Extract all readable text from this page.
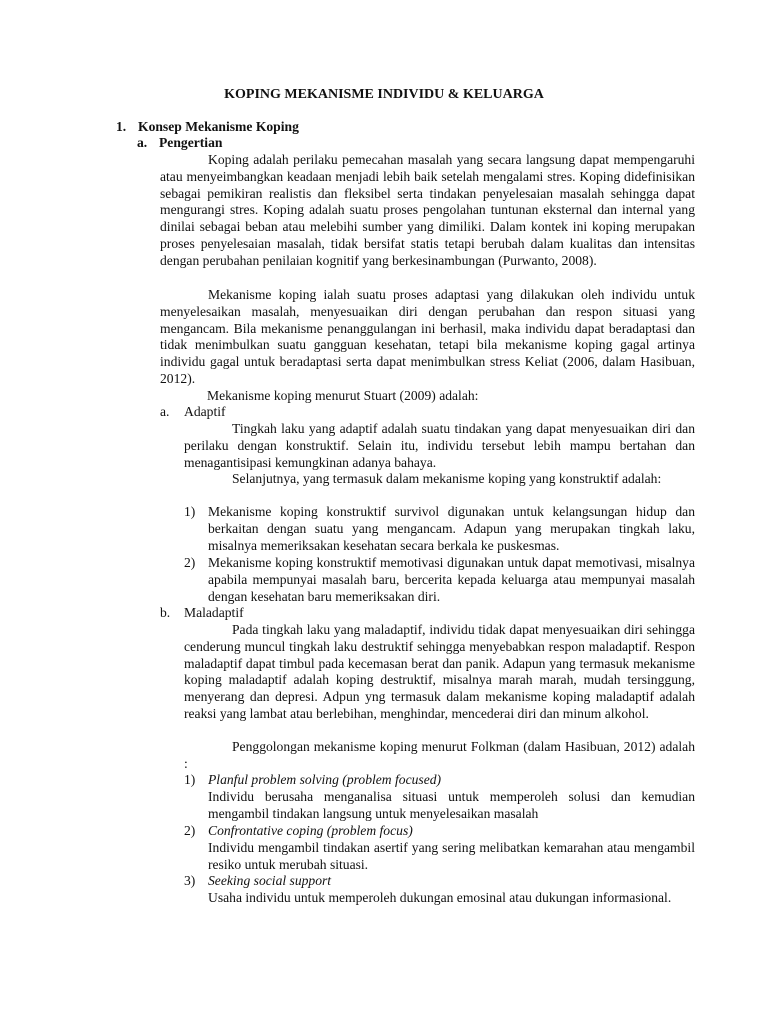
KOPING MEKANISME INDIVIDU & KELUARGA
1. Konsep Mekanisme Koping
a. Pengertian

Koping adalah perilaku pemecahan masalah yang secara langsung dapat mempengaruhi atau menyeimbangkan keadaan menjadi lebih baik setelah mengalami stres. Koping didefinisikan sebagai pemikiran realistis dan fleksibel serta tindakan penyelesaian masalah sehingga dapat mengurangi stres. Koping adalah suatu proses pengolahan tuntunan eksternal dan internal yang dinilai sebagai beban atau melebihi sumber yang dimiliki. Dalam kontek ini koping merupakan proses penyelesaian masalah, tidak bersifat statis tetapi berubah dalam kualitas dan intensitas dengan perubahan penilaian kognitif yang berkesinambungan (Purwanto, 2008).

Mekanisme koping ialah suatu proses adaptasi yang dilakukan oleh individu untuk menyelesaikan masalah, menyesuaikan diri dengan perubahan dan respon situasi yang mengancam. Bila mekanisme penanggulangan ini berhasil, maka individu dapat beradaptasi dan tidak menimbulkan suatu gangguan kesehatan, tetapi bila mekanisme koping gagal artinya individu gagal untuk beradaptasi serta dapat menimbulkan stress Keliat (2006, dalam Hasibuan, 2012).

Mekanisme koping menurut Stuart (2009) adalah:
a. Adaptif

Tingkah laku yang adaptif adalah suatu tindakan yang dapat menyesuaikan diri dan perilaku dengan konstruktif. Selain itu, individu tersebut lebih mampu bertahan dan menagantisipasi kemungkinan adanya bahaya.

Selanjutnya, yang termasuk dalam mekanisme koping yang konstruktif adalah:

1) Mekanisme koping konstruktif survivol digunakan untuk kelangsungan hidup dan berkaitan dengan suatu yang mengancam. Adapun yang merupakan tingkah laku, misalnya memeriksakan kesehatan secara berkala ke puskesmas.

2) Mekanisme koping konstruktif memotivasi digunakan untuk dapat memotivasi, misalnya apabila mempunyai masalah baru, bercerita kepada keluarga atau mempunyai masalah dengan kesehatan baru memeriksakan diri.

b. Maladaptif

Pada tingkah laku yang maladaptif, individu tidak dapat menyesuaikan diri sehingga cenderung muncul tingkah laku destruktif sehingga menyebabkan respon maladaptif. Respon maladaptif dapat timbul pada kecemasan berat dan panik. Adapun yang termasuk mekanisme koping maladaptif adalah koping destruktif, misalnya marah marah, mudah tersinggung, menyerang dan depresi. Adpun yng termasuk dalam mekanisme koping maladaptif adalah reaksi yang lambat atau berlebihan, menghindar, mencederai diri dan minum alkohol.

Penggolongan mekanisme koping menurut Folkman (dalam Hasibuan, 2012) adalah :

1) Planful problem solving (problem focused)

Individu berusaha menganalisa situasi untuk memperoleh solusi dan kemudian mengambil tindakan langsung untuk menyelesaikan masalah

2) Confrontative coping (problem focus)

Individu mengambil tindakan asertif yang sering melibatkan kemarahan atau mengambil resiko untuk merubah situasi.

3) Seeking social support

Usaha individu untuk memperoleh dukungan emosinal atau dukungan informasional.
